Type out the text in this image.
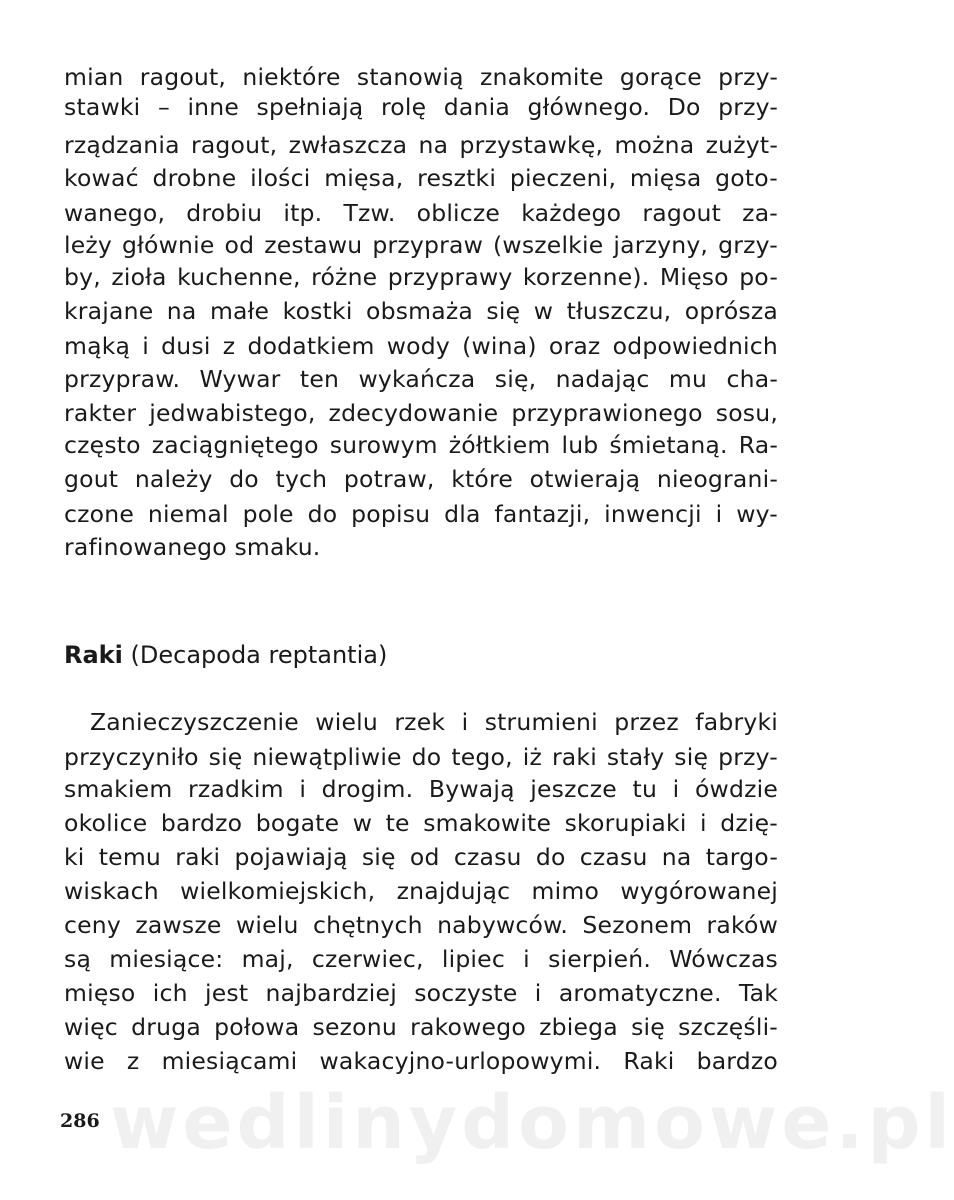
wedlinydomowe.pl
mian ragout, niektóre stanowią znakomite gorące przy-
stawki – inne spełniają rolę dania głównego. Do przy-
rządzania ragout, zwłaszcza na przystawkę, można zużyt-
kować drobne ilości mięsa, resztki pieczeni, mięsa goto-
wanego, drobiu itp. Tzw. oblicze każdego ragout za-
leży głównie od zestawu przypraw (wszelkie jarzyny, grzy-
by, zioła kuchenne, różne przyprawy korzenne). Mięso po-
krajane na małe kostki obsmaża się w tłuszczu, oprósza
mąką i dusi z dodatkiem wody (wina) oraz odpowiednich
przypraw. Wywar ten wykańcza się, nadając mu cha-
rakter jedwabistego, zdecydowanie przyprawionego sosu,
często zaciągniętego surowym żółtkiem lub śmietaną. Ra-
gout należy do tych potraw, które otwierają nieograni-
czone niemal pole do popisu dla fantazji, inwencji i wy-
rafinowanego smaku.
Raki (Decapoda reptantia)
Zanieczyszczenie wielu rzek i strumieni przez fabryki
przyczyniło się niewątpliwie do tego, iż raki stały się przy-
smakiem rzadkim i drogim. Bywają jeszcze tu i ówdzie
okolice bardzo bogate w te smakowite skorupiaki i dzię-
ki temu raki pojawiają się od czasu do czasu na targo-
wiskach wielkomiejskich, znajdując mimo wygórowanej
ceny zawsze wielu chętnych nabywców. Sezonem raków
są miesiące: maj, czerwiec, lipiec i sierpień. Wówczas
mięso ich jest najbardziej soczyste i aromatyczne. Tak
więc druga połowa sezonu rakowego zbiega się szczęśli-
wie z miesiącami wakacyjno-urlopowymi. Raki bardzo
286
